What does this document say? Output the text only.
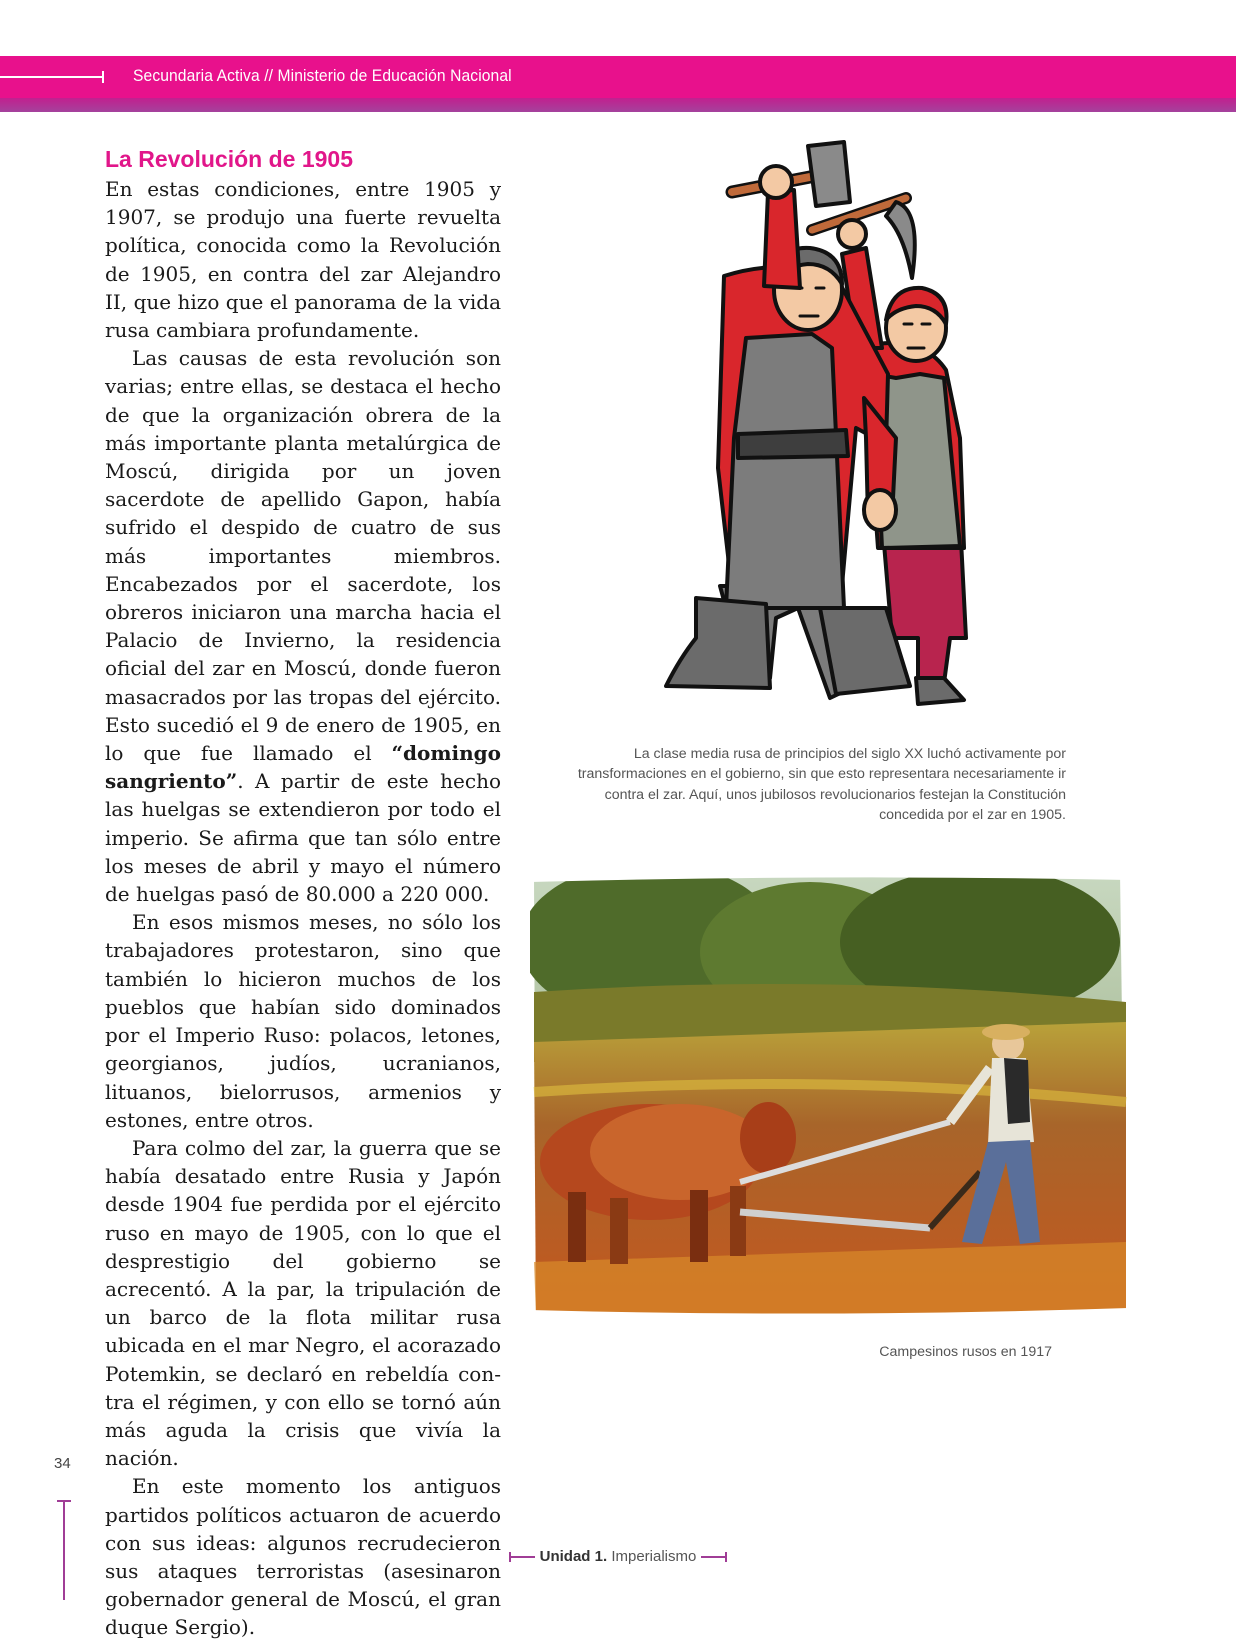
Secundaria Activa // Ministerio de Educación Nacional
La Revolución de 1905

En estas condiciones, entre 1905 y 1907, se produjo una fuerte revuelta política, conocida como la Revolución de 1905, en contra del zar Alejandro II, que hizo que el panorama de la vida rusa cambiara profundamente.

Las causas de esta revolución son varias; entre ellas, se destaca el hecho de que la organización obrera de la más importante planta metalúrgica de Moscú, dirigida por un joven sacerdote de apellido Gapon, había sufrido el despido de cuatro de sus más importantes miembros. Encabezados por el sacerdote, los obreros iniciaron una marcha hacia el Palacio de Invierno, la residencia oficial del zar en Moscú, donde fueron masacrados por las tropas del ejército. Esto sucedió el 9 de enero de 1905, en lo que fue llamado el “domingo sangriento”. A partir de este hecho las huelgas se extendieron por todo el imperio. Se afirma que tan sólo entre los meses de abril y mayo el número de huelgas pasó de 80.000 a 220 000.

En esos mismos meses, no sólo los trabajadores protestaron, sino que también lo hicieron muchos de los pueblos que habían sido dominados por el Imperio Ruso: polacos, letones, georgianos, judíos, ucranianos, lituanos, bielorrusos, armenios y estones, entre otros.

Para colmo del zar, la guerra que se había desatado entre Rusia y Japón desde 1904 fue perdida por el ejército ruso en mayo de 1905, con lo que el desprestigio del gobierno se acrecentó. A la par, la tripulación de un barco de la flota militar rusa ubicada en el mar Negro, el acorazado Potemkin, se declaró en rebeldía contra el régimen, y con ello se tornó aún más aguda la crisis que vivía la nación.

En este momento los antiguos partidos políticos actuaron de acuerdo con sus ideas: algunos recrudecieron sus ataques terroristas (asesinaron gobernador general de Moscú, el gran duque Sergio).

La clase media rusa de principios del siglo XX luchó activamente por transformaciones en el gobierno, sin que esto representara necesariamente ir contra el zar. Aquí, unos jubilosos revolucionarios festejan la Constitución concedida por el zar en 1905.
Campesinos rusos en 1917
34
Unidad 1. Imperialismo
